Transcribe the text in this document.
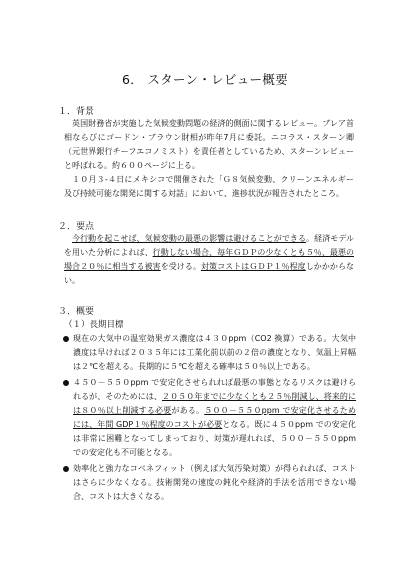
6． スターン・レビュー概要
１．背景

英国財務省が実施した気候変動問題の経済的側面に関するレビュー。ブレア首相ならびにゴードン・ブラウン財相が昨年7月に委託。ニコラス・スターン卿（元世界銀行チーフエコノミスト）を責任者としているため、スターンレビューと呼ばれる。約６００ページに上る。

１０月３-４日にメキシコで開催された「Ｇ８気候変動、クリーンエネルギー及び持続可能な開発に関する対話」において、進捗状況が報告されたところ。

２．要点

今行動を起こせば、気候変動の最悪の影響は避けることができる。経済モデルを用いた分析によれば、行動しない場合、毎年ＧＤＰの少なくとも５％、最悪の場合２０％に相当する被害を受ける。対策コストはＧＤＰ１％程度しかかからない。

３．概要
（１）長期目標
現在の大気中の温室効果ガス濃度は４３０ppm（CO2 換算）である。大気中濃度は早ければ２０３５年には工業化前以前の２倍の濃度となり、気温上昇幅は２℃を超える。長期的に５℃を超える確率は５０％以上である。
４５０－５５０ppm で安定化させられれば最悪の事態となるリスクは避けられるが、そのためには、２０５０年までに少なくとも２５％削減し、将来的には８０％以上削減する必要がある。５００－５５０ppm で安定化させるためには、年間 GDP１％程度のコストが必要となる。既に４５０ppm での安定化は非常に困難となってしまっており、対策が遅れれば、５００－５５０ppm での安定化も不可能となる。
効率化と強力なコベネフィット（例えば大気汚染対策）が得られれば、コストはさらに少なくなる。技術開発の速度の鈍化や経済的手法を活用できない場合、コストは大きくなる。
